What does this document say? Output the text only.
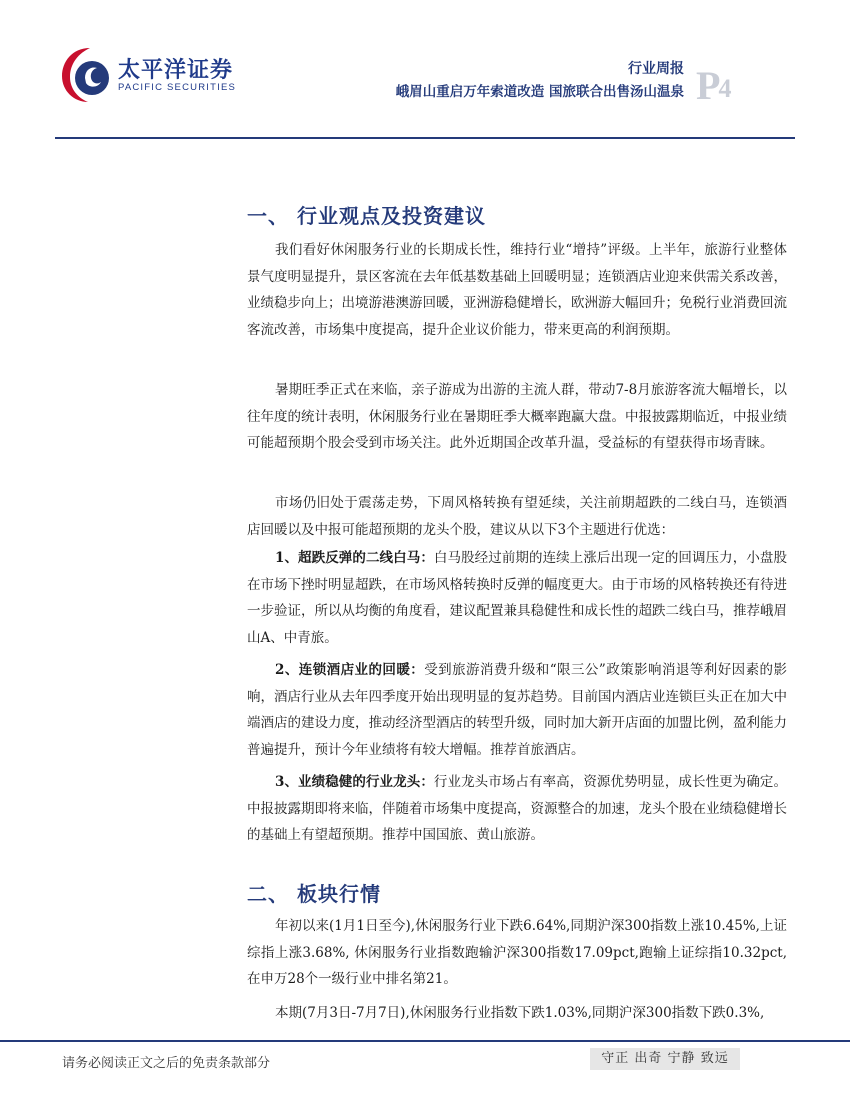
太平洋证券
PACIFIC SECURITIES
行业周报
峨眉山重启万年索道改造 国旅联合出售汤山温泉 P4
一、 行业观点及投资建议
我们看好休闲服务行业的长期成长性，维持行业“增持”评级。上半年，旅游行业整体景气度明显提升，景区客流在去年低基数基础上回暖明显；连锁酒店业迎来供需关系改善，业绩稳步向上；出境游港澳游回暖，亚洲游稳健增长，欧洲游大幅回升；免税行业消费回流客流改善，市场集中度提高，提升企业议价能力，带来更高的利润预期。
暑期旺季正式在来临，亲子游成为出游的主流人群，带动7-8月旅游客流大幅增长，以往年度的统计表明，休闲服务行业在暑期旺季大概率跑赢大盘。中报披露期临近，中报业绩可能超预期个股会受到市场关注。此外近期国企改革升温，受益标的有望获得市场青睐。
市场仍旧处于震荡走势，下周风格转换有望延续，关注前期超跌的二线白马，连锁酒店回暖以及中报可能超预期的龙头个股，建议从以下3个主题进行优选：
1、超跌反弹的二线白马：白马股经过前期的连续上涨后出现一定的回调压力，小盘股在市场下挫时明显超跌，在市场风格转换时反弹的幅度更大。由于市场的风格转换还有待进一步验证，所以从均衡的角度看，建议配置兼具稳健性和成长性的超跌二线白马，推荐峨眉山A、中青旅。
2、连锁酒店业的回暖：受到旅游消费升级和“限三公”政策影响消退等利好因素的影响，酒店行业从去年四季度开始出现明显的复苏趋势。目前国内酒店业连锁巨头正在加大中端酒店的建设力度，推动经济型酒店的转型升级，同时加大新开店面的加盟比例，盈利能力普遍提升，预计今年业绩将有较大增幅。推荐首旅酒店。
3、业绩稳健的行业龙头：行业龙头市场占有率高，资源优势明显，成长性更为确定。中报披露期即将来临，伴随着市场集中度提高，资源整合的加速，龙头个股在业绩稳健增长的基础上有望超预期。推荐中国国旅、黄山旅游。
二、 板块行情
年初以来(1月1日至今),休闲服务行业下跌6.64%,同期沪深300指数上涨10.45%,上证综指上涨3.68%, 休闲服务行业指数跑输沪深300指数17.09pct,跑输上证综指10.32pct, 在申万28个一级行业中排名第21。
本期(7月3日-7月7日),休闲服务行业指数下跌1.03%,同期沪深300指数下跌0.3%,
请务必阅读正文之后的免责条款部分	守正 出奇 宁静 致远
